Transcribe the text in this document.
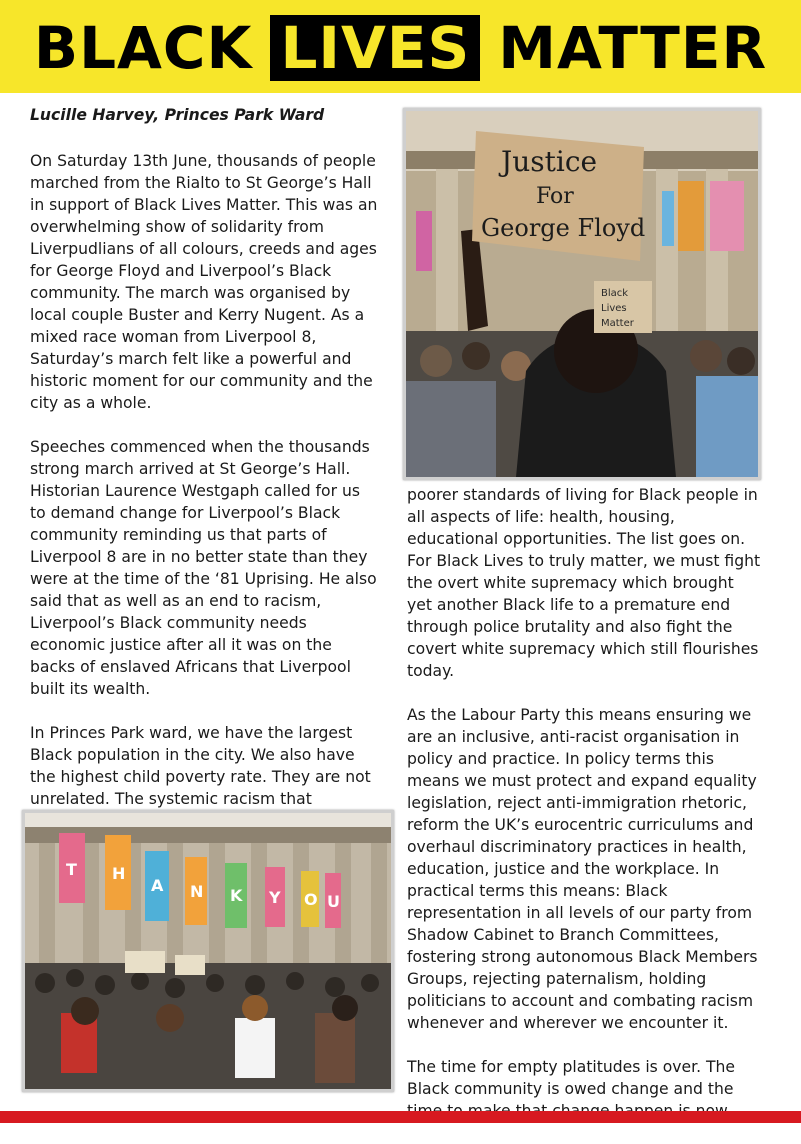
BLACK LIVES MATTER
Lucille Harvey, Princes Park Ward

On Saturday 13th June, thousands of people marched from the Rialto to St George’s Hall in support of Black Lives Matter. This was an overwhelming show of solidarity from Liverpudlians of all colours, creeds and ages for George Floyd and Liverpool’s Black community. The march was organised by local couple Buster and Kerry Nugent. As a mixed race woman from Liverpool 8, Saturday’s march felt like a powerful and historic moment for our community and the city as a whole.

Speeches commenced when the thousands strong march arrived at St George’s Hall. Historian Laurence Westgaph called for us to demand change for Liverpool’s Black community reminding us that parts of Liverpool 8 are in no better state than they were at the time of the ‘81 Uprising. He also said that as well as an end to racism, Liverpool’s Black community needs economic justice after all it was on the backs of enslaved Africans that Liverpool built its wealth.

In Princes Park ward, we have the largest Black population in the city. We also have the highest child poverty rate. They are not unrelated. The systemic racism that

poorer standards of living for Black people in all aspects of life: health, housing, educational opportunities. The list goes on. For Black Lives to truly matter, we must fight the overt white supremacy which brought yet another Black life to a premature end through police brutality and also fight the covert white supremacy which still flourishes today.

As the Labour Party this means ensuring we are an inclusive, anti-racist organisation in policy and practice. In policy terms this means we must protect and expand equality legislation, reject anti-immigration rhetoric, reform the UK’s eurocentric curriculums and overhaul discriminatory practices in health, education, justice and the workplace. In practical terms this means: Black representation in all levels of our party from Shadow Cabinet to Branch Committees, fostering strong autonomous Black Members Groups, rejecting paternalism, holding politicians to account and combating racism whenever and wherever we encounter it.

The time for empty platitudes is over. The Black community is owed change and the

Justice
For
George Floyd
Black
Lives
Matter
T H
A N K Y O U
